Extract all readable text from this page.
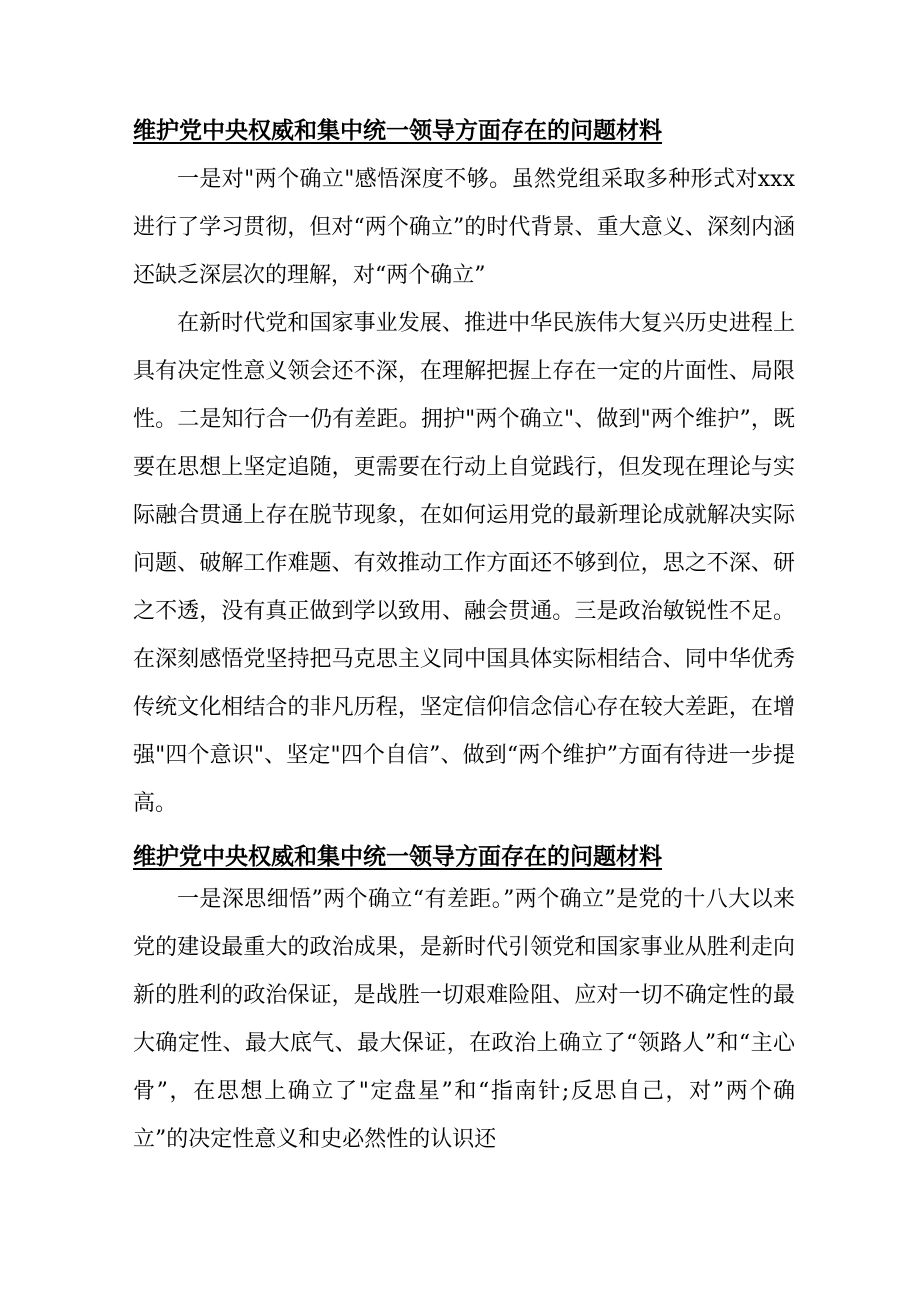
维护党中央权威和集中统一领导方面存在的问题材料

一是对"两个确立"感悟深度不够。虽然党组采取多种形式对xxx进行了学习贯彻，但对“两个确立”的时代背景、重大意义、深刻内涵还缺乏深层次的理解，对“两个确立”

在新时代党和国家事业发展、推进中华民族伟大复兴历史进程上具有决定性意义领会还不深，在理解把握上存在一定的片面性、局限性。二是知行合一仍有差距。拥护"两个确立"、做到"两个维护”，既要在思想上坚定追随，更需要在行动上自觉践行，但发现在理论与实际融合贯通上存在脱节现象，在如何运用党的最新理论成就解决实际问题、破解工作难题、有效推动工作方面还不够到位，思之不深、研之不透，没有真正做到学以致用、融会贯通。三是政治敏锐性不足。在深刻感悟党坚持把马克思主义同中国具体实际相结合、同中华优秀传统文化相结合的非凡历程，坚定信仰信念信心存在较大差距，在增强"四个意识"、坚定"四个自信”、做到“两个维护”方面有待进一步提高。

维护党中央权威和集中统一领导方面存在的问题材料

一是深思细悟”两个确立“有差距。”两个确立”是党的十八大以来党的建设最重大的政治成果，是新时代引领党和国家事业从胜利走向新的胜利的政治保证，是战胜一切艰难险阻、应对一切不确定性的最大确定性、最大底气、最大保证，在政治上确立了“领路人”和“主心骨”，在思想上确立了"定盘星”和“指南针;反思自己，对”两个确立”的决定性意义和史必然性的认识还
